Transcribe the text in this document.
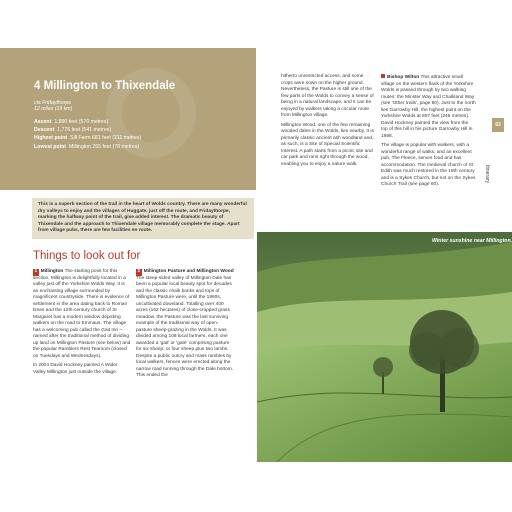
4 Millington to Thixendale
via Fridaythorpe
12 miles (19 km)
Ascent 1,890 feet (570 metres)
Descent 1,776 feet (541 metres)
Highest point Sill Farm 681 feet (211 metres)
Lowest point Millington 255 feet (78 metres)
This is a superb section of the trail in the heart of Wolds country. There are many wonderful dry valleys to enjoy and the villages of Huggate, just off the route, and Fridaythorpe, marking the halfway point of the trail, give added interest. The dramatic beauty of Thixendale and the approach to Thixendale village memorably complete the stage. Apart from village pubs, there are few facilities en route.
Things to look out for

1 Millington The starting point for this section, Millington is delightfully located in a valley just off the Yorkshire Wolds Way. It is an enchanting village surrounded by magnificent countryside. There is evidence of settlement in the area dating back to Roman times and the 12th-century church of St Margaret has a modern window depicting walkers on the road to Emmaus. The village has a welcoming pub called the Gait Inn – named after the traditional method of dividing up land on Millington Pasture (see below) and the popular Ramblers Rest Tearoom (closed on Tuesdays and Wednesdays).

In 2004 David Hockney painted A Wider Valley Millington just outside the village.

2 Millington Pasture and Millington Wood The steep-sided valley of Millington Dale has been a popular local beauty spot for decades and the classic chalk banks and tops of Millington Pasture were, until the 1960s, uncultivated downland. Totalling over 400 acres (162 hectares) of close-cropped grass meadow, the Pasture was the last surviving example of the traditional way of open-pasture sheep-grazing in the Wolds. It was divided among 108 local farmers, each one awarded a 'gait' or 'gate' comprising pasture for six sheep; or four sheep plus two lambs. Despite a public outcry and mass rambles by local walkers, fences were erected along the narrow road running through the Dale bottom. This ended the

hitherto unrestricted access, and some crops were sown on the higher ground. Nevertheless, the Pasture is still one of the few parts of the Wolds to convey a sense of being in a natural landscape, and it can be enjoyed by walkers taking a circular route from Millington village.

Millington Wood, one of the few remaining wooded dales in the Wolds, lies nearby. It is primarily classic ancient ash woodland and, as such, is a Site of Special Scientific Interest. A path starts from a picnic site and car park and runs right through the wood, enabling you to enjoy a nature walk.

Bishop Wilton This attractive small village on the western flank of the Yorkshire Wolds is passed through by two walking routes: the Minster Way and Chalkland Way (see 'Other trails', page 80). Just to the north lies Garrowby Hill, the highest point on the Yorkshire Wolds at 807 feet (246 metres). David Hockney painted the view from the top of this hill in his picture Garrowby Hill in 1998.

The village is popular with walkers, with a wonderful range of walks, and an excellent pub, The Fleece, serves food and has accommodation. The medieval church of St Edith was much restored in the 19th century and is a Sykes Church, but not on the Sykes Church Trail (see page 60).

63
Itinerary
Winter sunshine near Millington.
